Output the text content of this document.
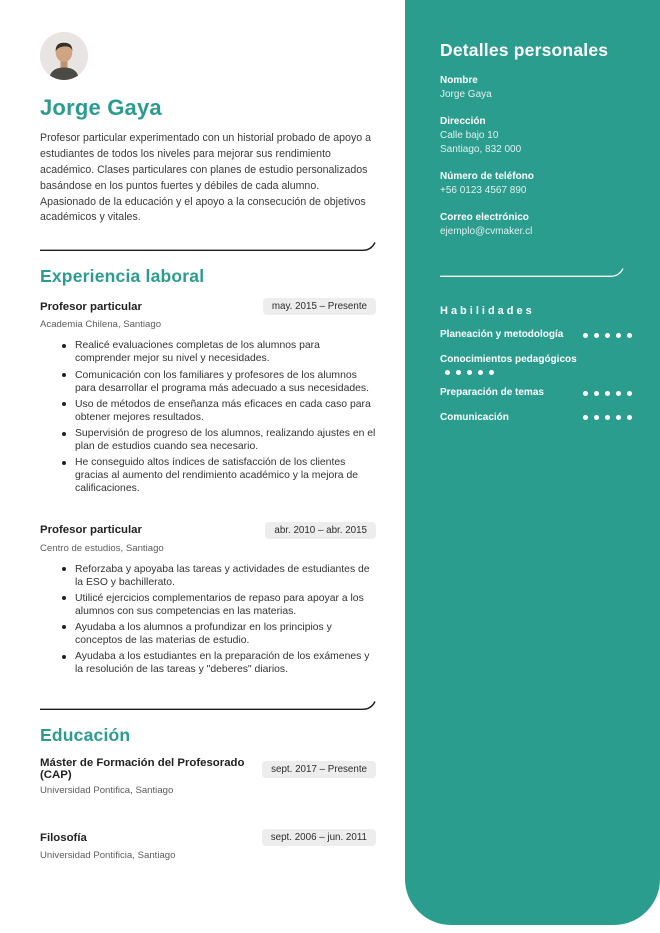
Jorge Gaya

Profesor particular experimentado con un historial probado de apoyo a estudiantes de todos los niveles para mejorar sus rendimiento académico. Clases particulares con planes de estudio personalizados basándose en los puntos fuertes y débiles de cada alumno. Apasionado de la educación y el apoyo a la consecución de objetivos académicos y vitales.

Experiencia laboral
Profesor particular	may. 2015 – Presente
Academia Chilena, Santiago
Realicé evaluaciones completas de los alumnos para comprender mejor su nivel y necesidades.
Comunicación con los familiares y profesores de los alumnos para desarrollar el programa más adecuado a sus necesidades.
Uso de métodos de enseñanza más eficaces en cada caso para obtener mejores resultados.
Supervisión de progreso de los alumnos, realizando ajustes en el plan de estudios cuando sea necesario.
He conseguido altos índices de satisfacción de los clientes gracias al aumento del rendimiento académico y la mejora de calificaciones.
Profesor particular	abr. 2010 – abr. 2015
Centro de estudios, Santiago
Reforzaba y apoyaba las tareas y actividades de estudiantes de la ESO y bachillerato.
Utilicé ejercicios complementarios de repaso para apoyar a los alumnos con sus competencias en las materias.
Ayudaba a los alumnos a profundizar en los principios y conceptos de las materias de estudio.
Ayudaba a los estudiantes en la preparación de los exámenes y la resolución de las tareas y "deberes" diarios.
Educación
Máster de Formación del Profesorado (CAP)	sept. 2017 – Presente
Universidad Pontifica, Santiago
Filosofía	sept. 2006 – jun. 2011
Universidad Pontificia, Santiago
Detalles personales
Nombre
Jorge Gaya
Dirección
Calle bajo 10
Santiago, 832 000
Número de teléfono
+56 0123 4567 890
Correo electrónico
ejemplo@cvmaker.cl
Habilidades
Planeación y metodología
Conocimientos pedagógicos
Preparación de temas
Comunicación
